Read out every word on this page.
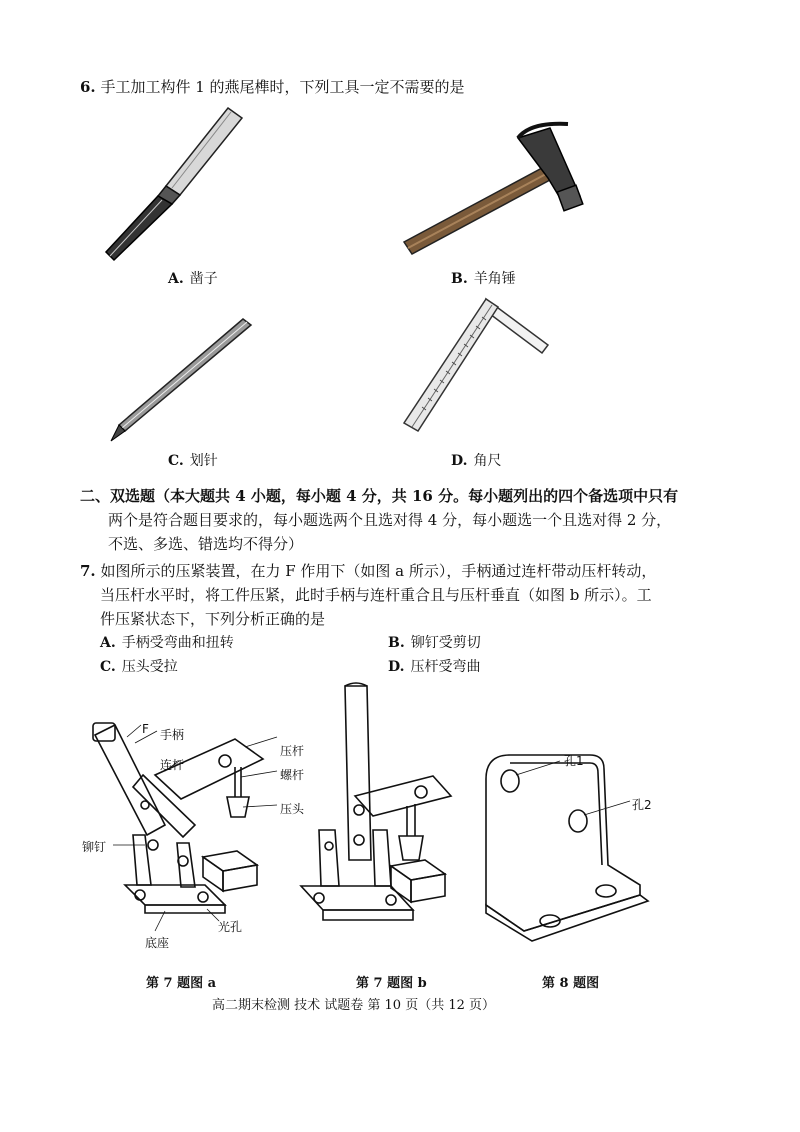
6. 手工加工构件 1 的燕尾榫时，下列工具一定不需要的是
A. 凿子	B. 羊角锤
C. 划针	D. 角尺
二、双选题（本大题共 4 小题，每小题 4 分，共 16 分。每小题列出的四个备选项中只有
两个是符合题目要求的，每小题选两个且选对得 4 分，每小题选一个且选对得 2 分，
不选、多选、错选均不得分）
7. 如图所示的压紧装置，在力 F 作用下（如图 a 所示），手柄通过连杆带动压杆转动，
当压杆水平时，将工件压紧，此时手柄与连杆重合且与压杆垂直（如图 b 所示）。工
件压紧状态下，下列分析正确的是
A. 手柄受弯曲和扭转	B. 铆钉受剪切
C. 压头受拉	D. 压杆受弯曲
F 手柄
连杆
压杆
螺杆
压头
铆钉
光孔
底座
第 7 题图 a	第 7 题图 b
孔1
孔2
第 8 题图
高二期末检测 技术 试题卷 第 10 页（共 12 页）
